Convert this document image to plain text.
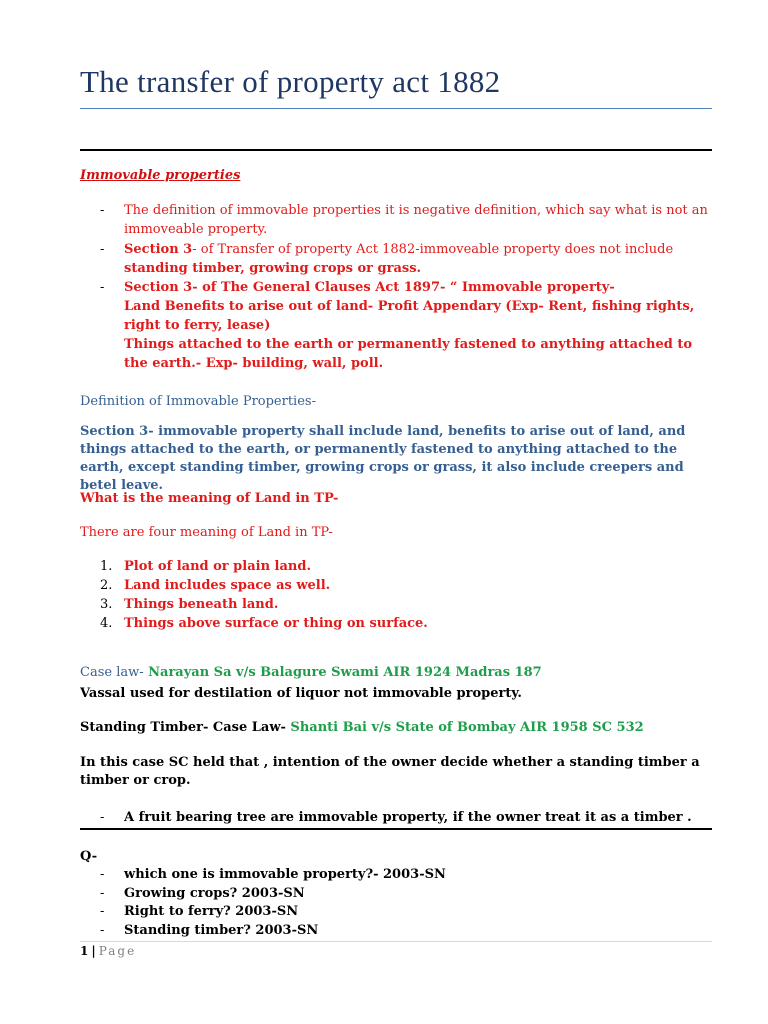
The transfer of property act 1882
Immovable properties
- The definition of immovable properties it is negative definition, which say what is not an immoveable property.
- Section 3- of Transfer of property Act 1882-immoveable property does not include
standing timber, growing crops or grass.
- Section 3- of The General Clauses Act 1897- “ Immovable property-
Land Benefits to arise out of land- Profit Appendary (Exp- Rent, fishing rights, right to ferry, lease)
Things attached to the earth or permanently fastened to anything attached to the earth.- Exp- building, wall, poll.
Definition of Immovable Properties-
Section 3- immovable property shall include land, benefits to arise out of land, and things attached to the earth, or permanently fastened to anything attached to the earth, except standing timber, growing crops or grass, it also include creepers and betel leave.
What is the meaning of Land in TP-
There are four meaning of Land in TP-
1. Plot of land or plain land.
2. Land includes space as well.
3. Things beneath land.
4. Things above surface or thing on surface.
Case law- Narayan Sa v/s Balagure Swami AIR 1924 Madras 187
Vassal used for destilation of liquor not immovable property.
Standing Timber- Case Law- Shanti Bai v/s State of Bombay AIR 1958 SC 532
In this case SC held that , intention of the owner decide whether a standing timber a timber or crop.
- A fruit bearing tree are immovable property, if the owner treat it as a timber .
Q-
- which one is immovable property?- 2003-SN
- Growing crops? 2003-SN
- Right to ferry? 2003-SN
- Standing timber? 2003-SN
1 | Page
